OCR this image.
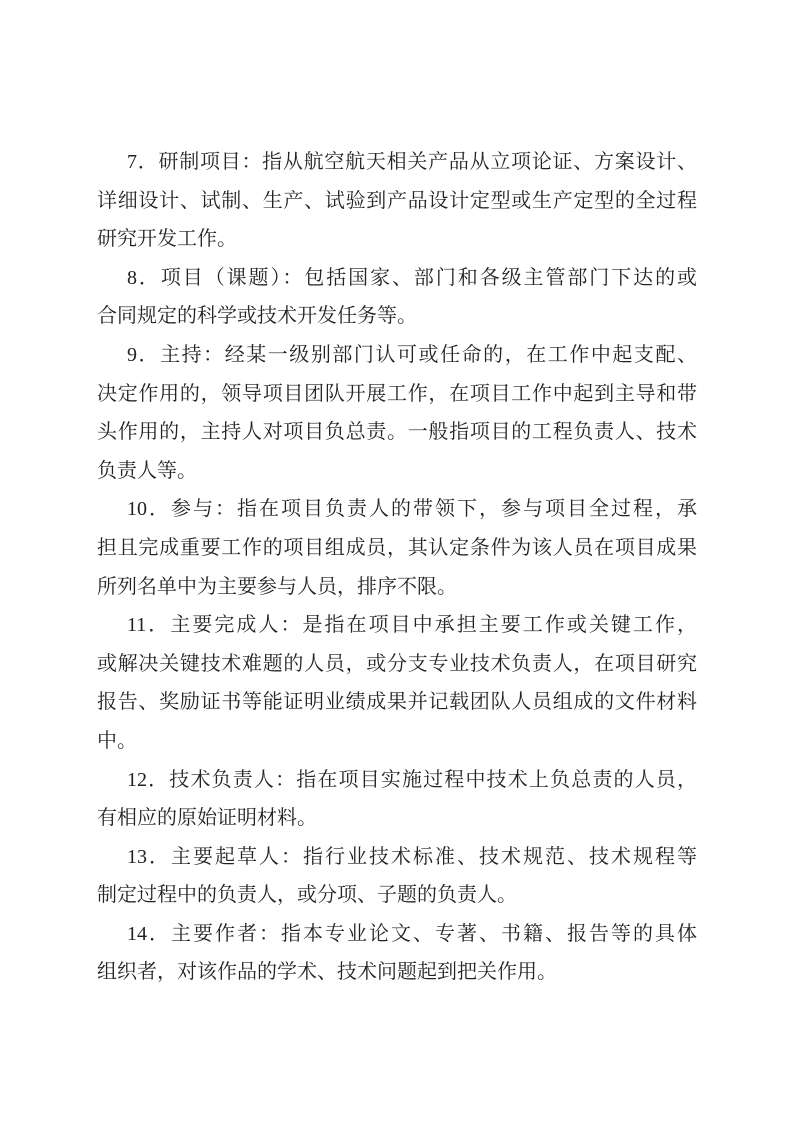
7．研制项目：指从航空航天相关产品从立项论证、方案设计、
详细设计、试制、生产、试验到产品设计定型或生产定型的全过程
研究开发工作。

8．项目（课题）：包括国家、部门和各级主管部门下达的或
合同规定的科学或技术开发任务等。

9．主持：经某一级别部门认可或任命的，在工作中起支配、
决定作用的，领导项目团队开展工作，在项目工作中起到主导和带
头作用的，主持人对项目负总责。一般指项目的工程负责人、技术
负责人等。

10．参与：指在项目负责人的带领下，参与项目全过程，承
担且完成重要工作的项目组成员，其认定条件为该人员在项目成果
所列名单中为主要参与人员，排序不限。

11．主要完成人：是指在项目中承担主要工作或关键工作，
或解决关键技术难题的人员，或分支专业技术负责人，在项目研究
报告、奖励证书等能证明业绩成果并记载团队人员组成的文件材料
中。

12．技术负责人：指在项目实施过程中技术上负总责的人员，
有相应的原始证明材料。

13．主要起草人：指行业技术标准、技术规范、技术规程等
制定过程中的负责人，或分项、子题的负责人。

14．主要作者：指本专业论文、专著、书籍、报告等的具体
组织者，对该作品的学术、技术问题起到把关作用。
